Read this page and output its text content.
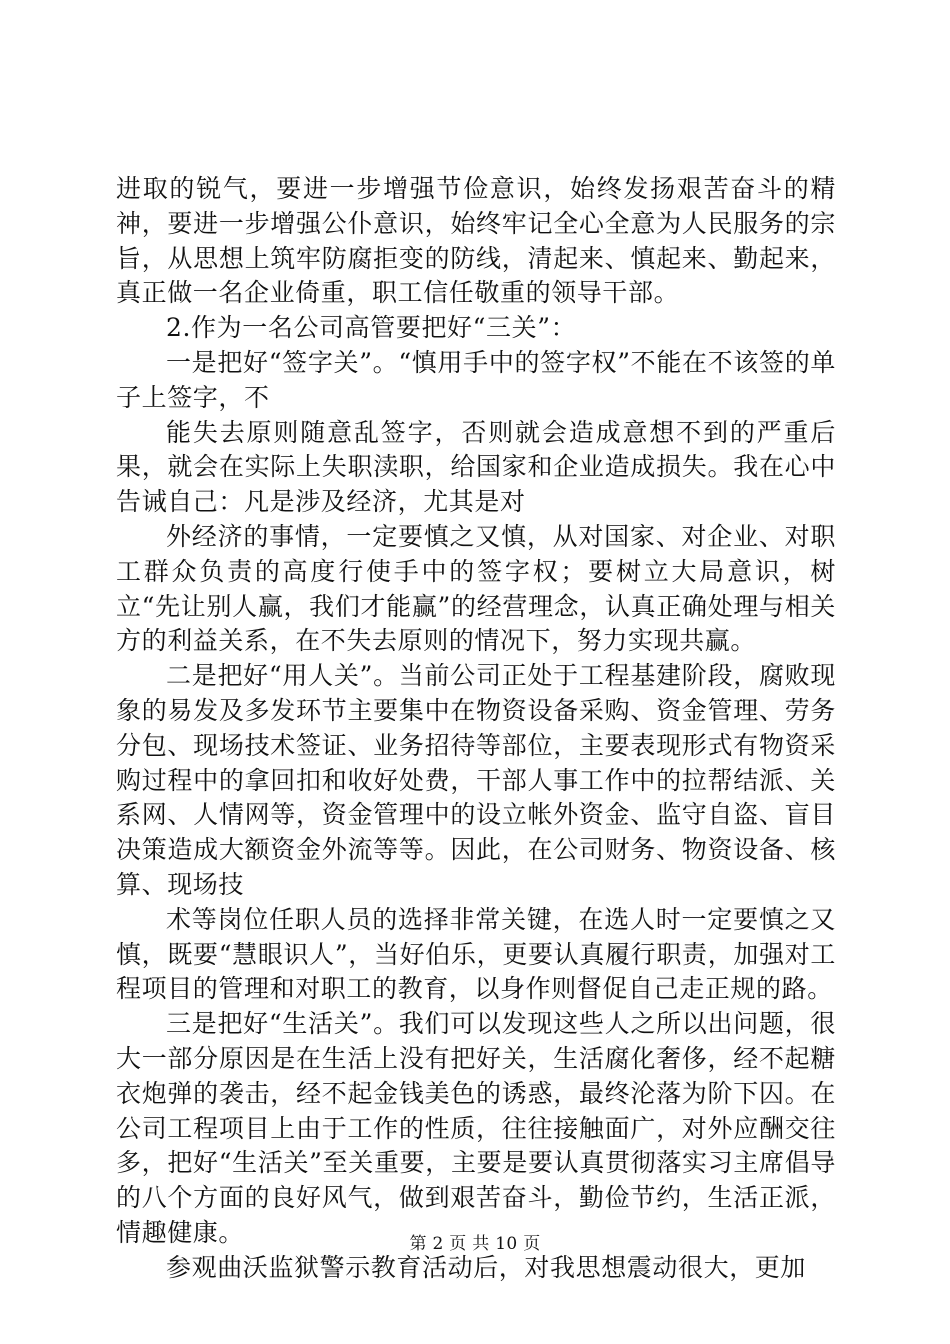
进取的锐气，要进一步增强节俭意识，始终发扬艰苦奋斗的精神，要进一步增强公仆意识，始终牢记全心全意为人民服务的宗旨，从思想上筑牢防腐拒变的防线，清起来、慎起来、勤起来，真正做一名企业倚重，职工信任敬重的领导干部。

2.作为一名公司高管要把好“三关”：

一是把好“签字关”。“慎用手中的签字权”不能在不该签的单子上签字，不

能失去原则随意乱签字，否则就会造成意想不到的严重后果，就会在实际上失职渎职，给国家和企业造成损失。我在心中告诫自己：凡是涉及经济，尤其是对

外经济的事情，一定要慎之又慎，从对国家、对企业、对职工群众负责的高度行使手中的签字权；要树立大局意识，树立“先让别人赢，我们才能赢”的经营理念，认真正确处理与相关方的利益关系，在不失去原则的情况下，努力实现共赢。

二是把好“用人关”。当前公司正处于工程基建阶段，腐败现象的易发及多发环节主要集中在物资设备采购、资金管理、劳务分包、现场技术签证、业务招待等部位，主要表现形式有物资采购过程中的拿回扣和收好处费，干部人事工作中的拉帮结派、关系网、人情网等，资金管理中的设立帐外资金、监守自盗、盲目决策造成大额资金外流等等。因此，在公司财务、物资设备、核算、现场技

术等岗位任职人员的选择非常关键，在选人时一定要慎之又慎，既要“慧眼识人”，当好伯乐，更要认真履行职责，加强对工程项目的管理和对职工的教育，以身作则督促自己走正规的路。

三是把好“生活关”。我们可以发现这些人之所以出问题，很大一部分原因是在生活上没有把好关，生活腐化奢侈，经不起糖衣炮弹的袭击，经不起金钱美色的诱惑，最终沦落为阶下囚。在公司工程项目上由于工作的性质，往往接触面广，对外应酬交往多，把好“生活关”至关重要，主要是要认真贯彻落实习主席倡导的八个方面的良好风气，做到艰苦奋斗，勤俭节约，生活正派，情趣健康。

参观曲沃监狱警示教育活动后，对我思想震动很大，更加

第 2 页 共 10 页
